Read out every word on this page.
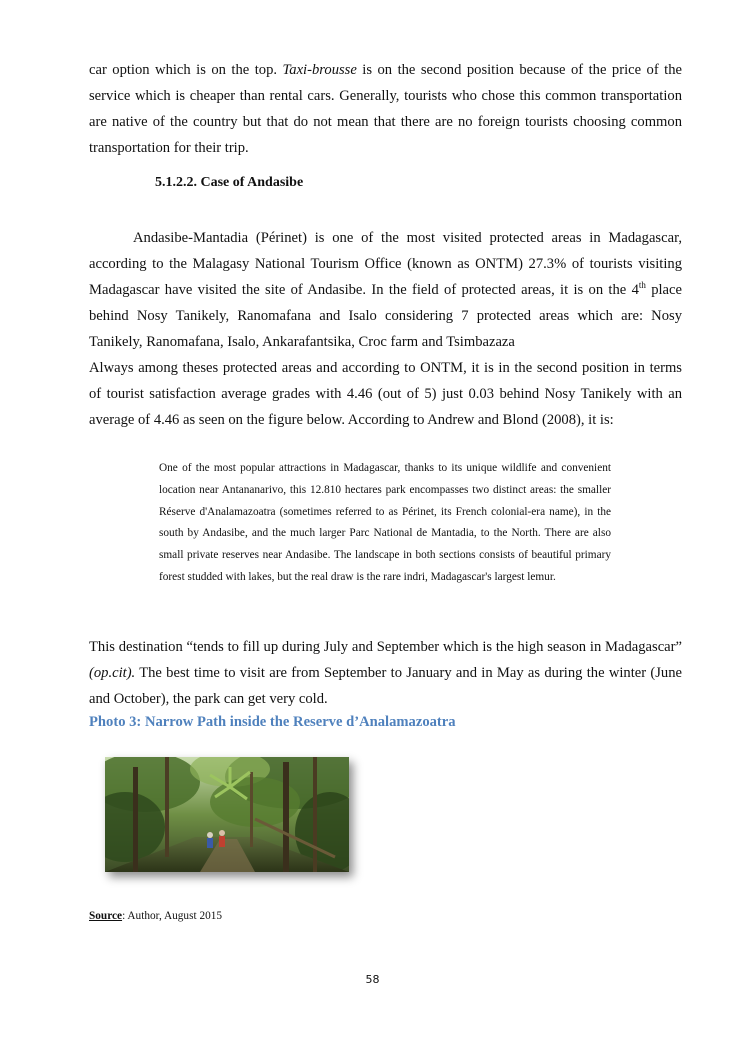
car option which is on the top. Taxi-brousse is on the second position because of the price of the service which is cheaper than rental cars. Generally, tourists who chose this common transportation are native of the country but that do not mean that there are no foreign tourists choosing common transportation for their trip.

5.1.2.2. Case of Andasibe

Andasibe-Mantadia (Périnet) is one of the most visited protected areas in Madagascar, according to the Malagasy National Tourism Office (known as ONTM) 27.3% of tourists visiting Madagascar have visited the site of Andasibe. In the field of protected areas, it is on the 4th place behind Nosy Tanikely, Ranomafana and Isalo considering 7 protected areas which are: Nosy Tanikely, Ranomafana, Isalo, Ankarafantsika, Croc farm and Tsimbazaza

Always among theses protected areas and according to ONTM, it is in the second position in terms of tourist satisfaction average grades with 4.46 (out of 5) just 0.03 behind Nosy Tanikely with an average of 4.46 as seen on the figure below. According to Andrew and Blond (2008), it is:

One of the most popular attractions in Madagascar, thanks to its unique wildlife and convenient location near Antananarivo, this 12.810 hectares park encompasses two distinct areas: the smaller Réserve d'Analamazoatra (sometimes referred to as Périnet, its French colonial-era name), in the south by Andasibe, and the much larger Parc National de Mantadia, to the North. There are also small private reserves near Andasibe. The landscape in both sections consists of beautiful primary forest studded with lakes, but the real draw is the rare indri, Madagascar's largest lemur.

This destination “tends to fill up during July and September which is the high season in Madagascar” (op.cit). The best time to visit are from September to January and in May as during the winter (June and October), the park can get very cold.

Photo 3: Narrow Path inside the Reserve d’Analamazoatra

Source: Author, August 2015

58
